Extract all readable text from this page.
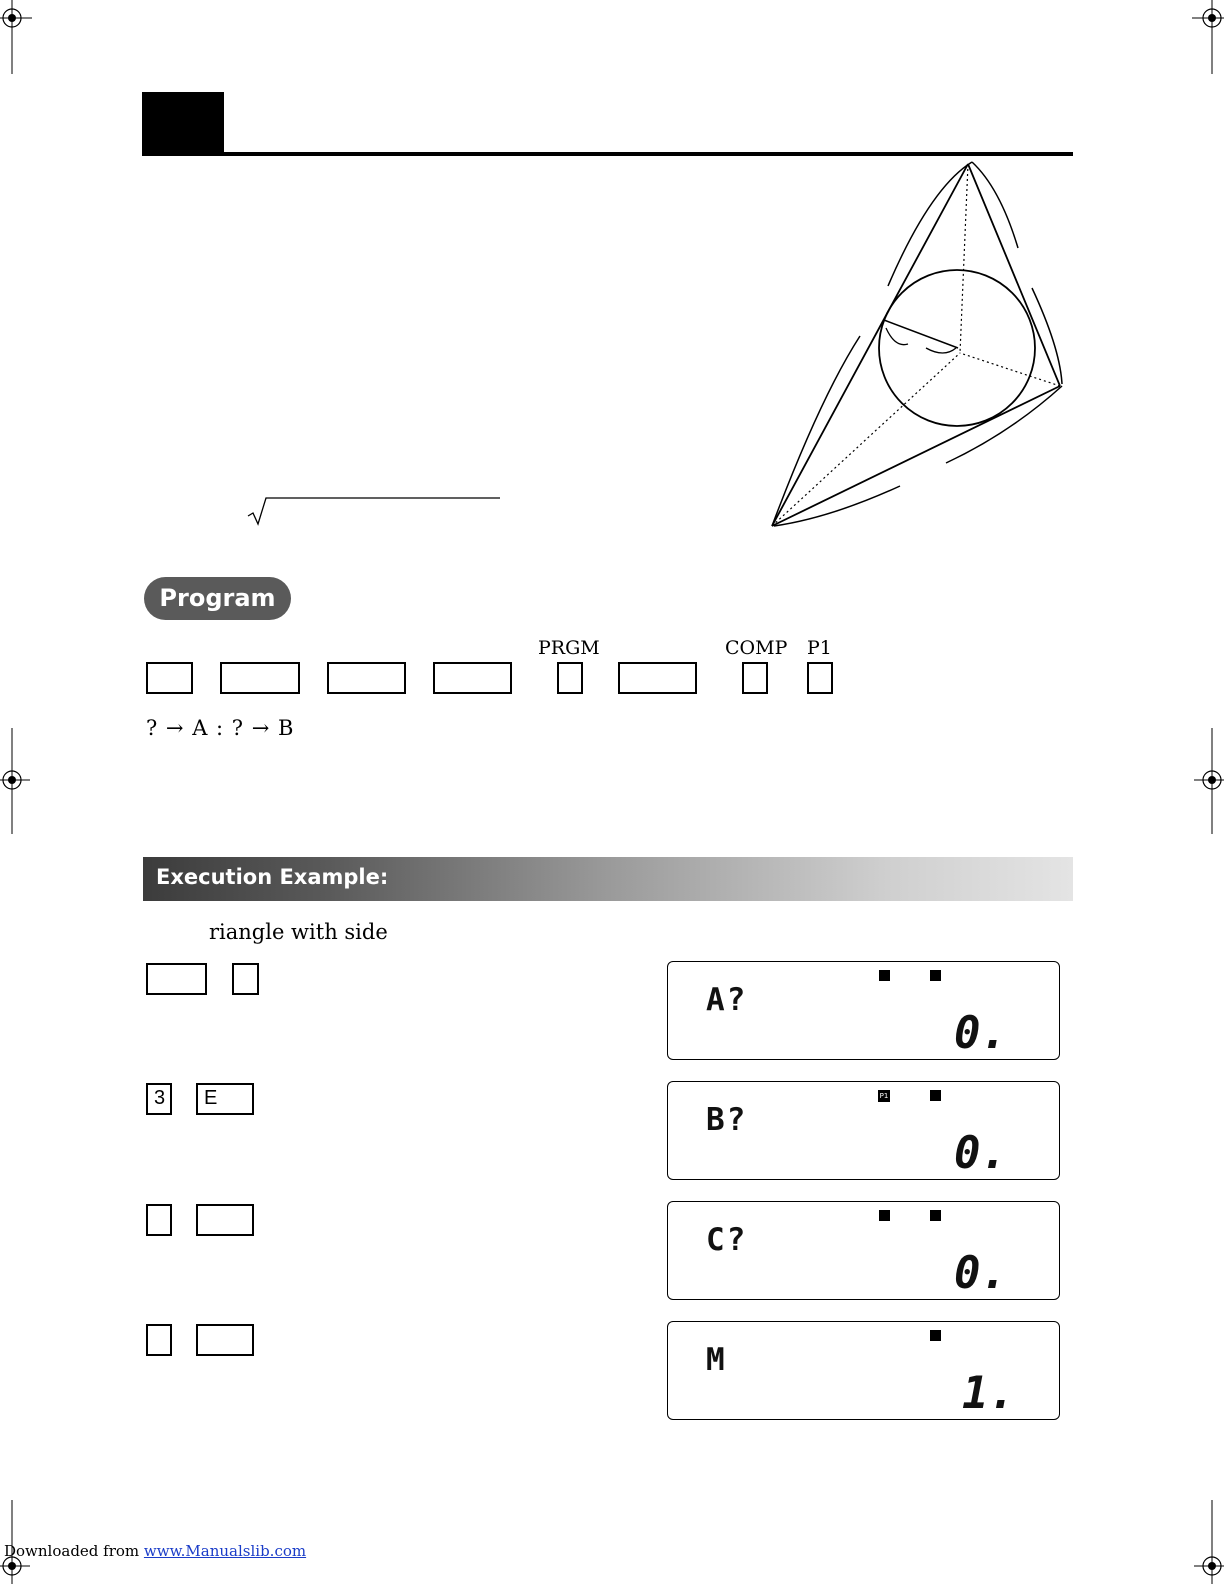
Program
PRGM	COMP P1
? → A : ? → B
Execution Example:
riangle with side
A?
0.
3	E	P1
B?
0.
C?
0.
M
1.
Downloaded from www.Manualslib.com
